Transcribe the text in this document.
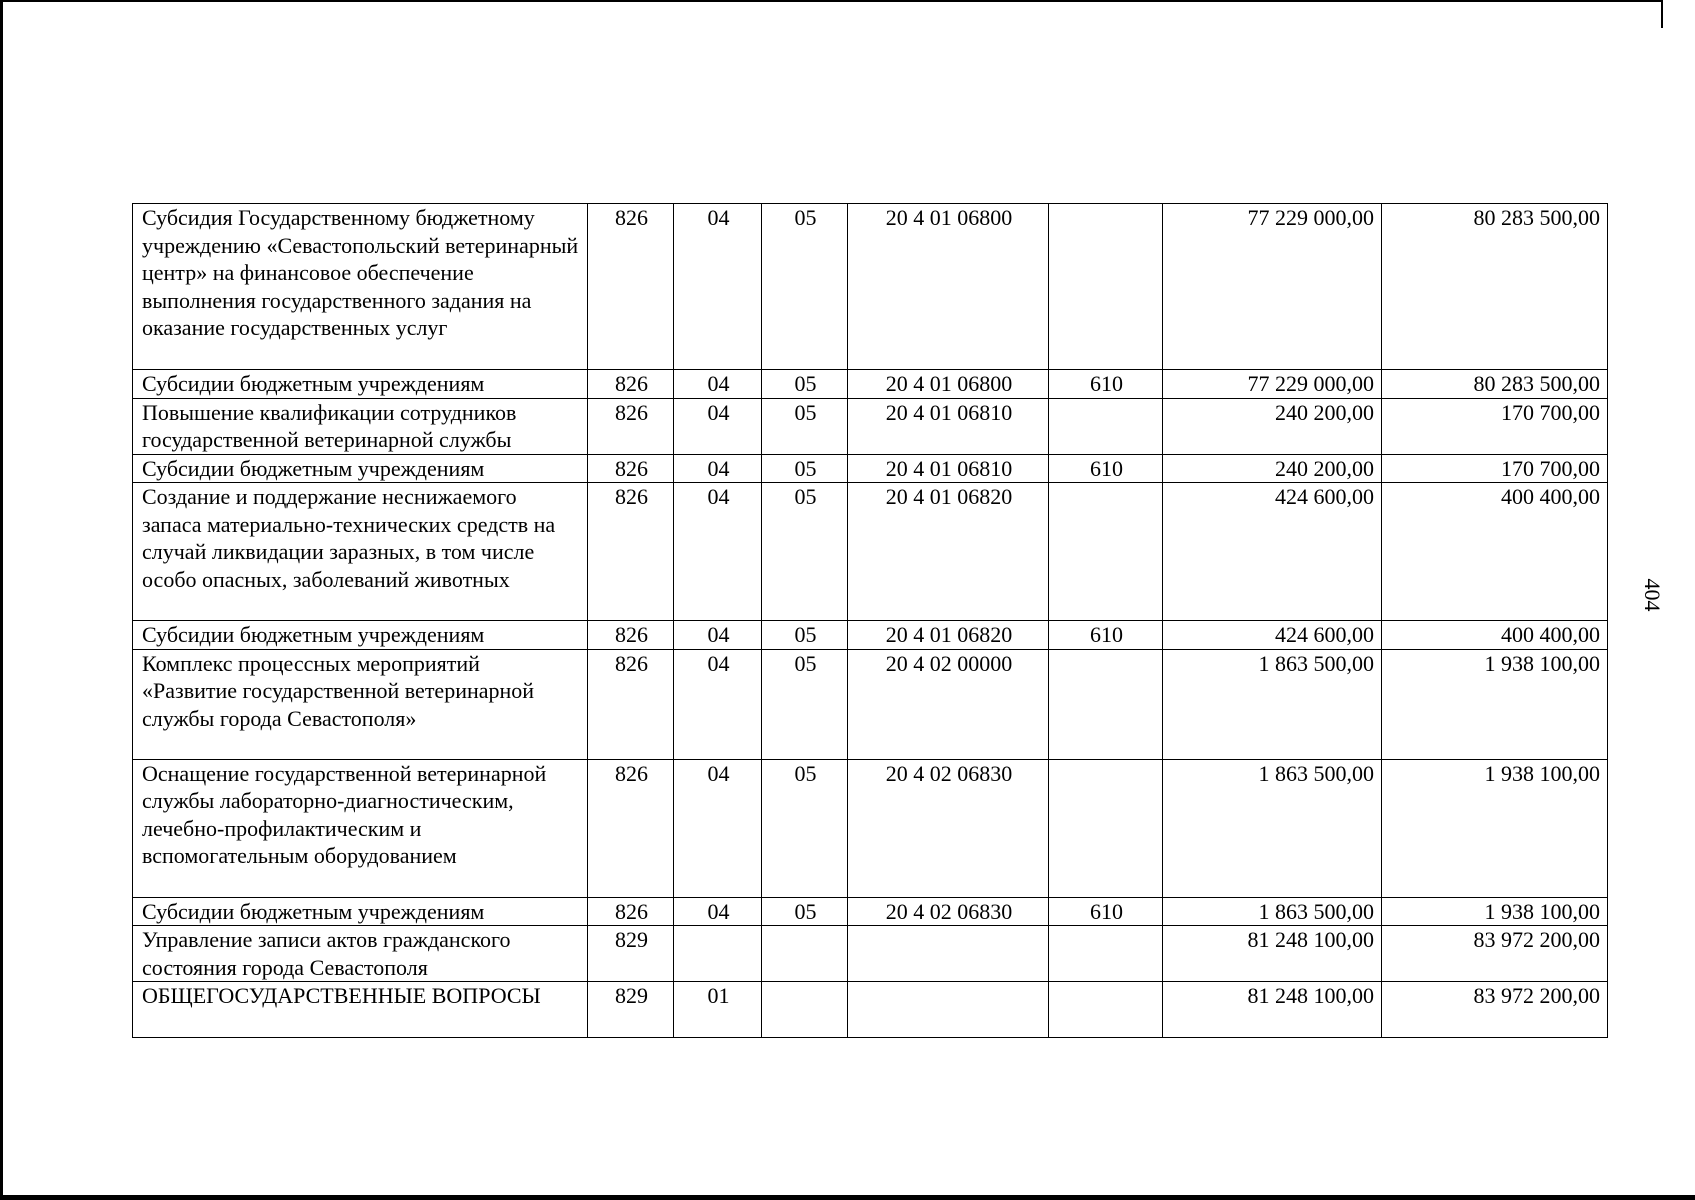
404
Субсидия Государственному бюджетному учреждению «Севастопольский ветеринарный центр» на финансовое обеспечение выполнения государственного задания на оказание государственных услуг	826	04	05	20 4 01 06800		77 229 000,00	80 283 500,00
Субсидии бюджетным учреждениям	826	04	05	20 4 01 06800	610	77 229 000,00	80 283 500,00
Повышение квалификации сотрудников государственной ветеринарной службы	826	04	05	20 4 01 06810		240 200,00	170 700,00
Субсидии бюджетным учреждениям	826	04	05	20 4 01 06810	610	240 200,00	170 700,00
Создание и поддержание неснижаемого запаса материально-технических средств на случай ликвидации заразных, в том числе особо опасных, заболеваний животных	826	04	05	20 4 01 06820		424 600,00	400 400,00
Субсидии бюджетным учреждениям	826	04	05	20 4 01 06820	610	424 600,00	400 400,00
Комплекс процессных мероприятий «Развитие государственной ветеринарной службы города Севастополя»	826	04	05	20 4 02 00000		1 863 500,00	1 938 100,00
Оснащение государственной ветеринарной службы лабораторно-диагностическим, лечебно-профилактическим и вспомогательным оборудованием	826	04	05	20 4 02 06830		1 863 500,00	1 938 100,00
Субсидии бюджетным учреждениям	826	04	05	20 4 02 06830	610	1 863 500,00	1 938 100,00
Управление записи актов гражданского состояния города Севастополя	829					81 248 100,00	83 972 200,00
ОБЩЕГОСУДАРСТВЕННЫЕ ВОПРОСЫ	829	01				81 248 100,00	83 972 200,00
